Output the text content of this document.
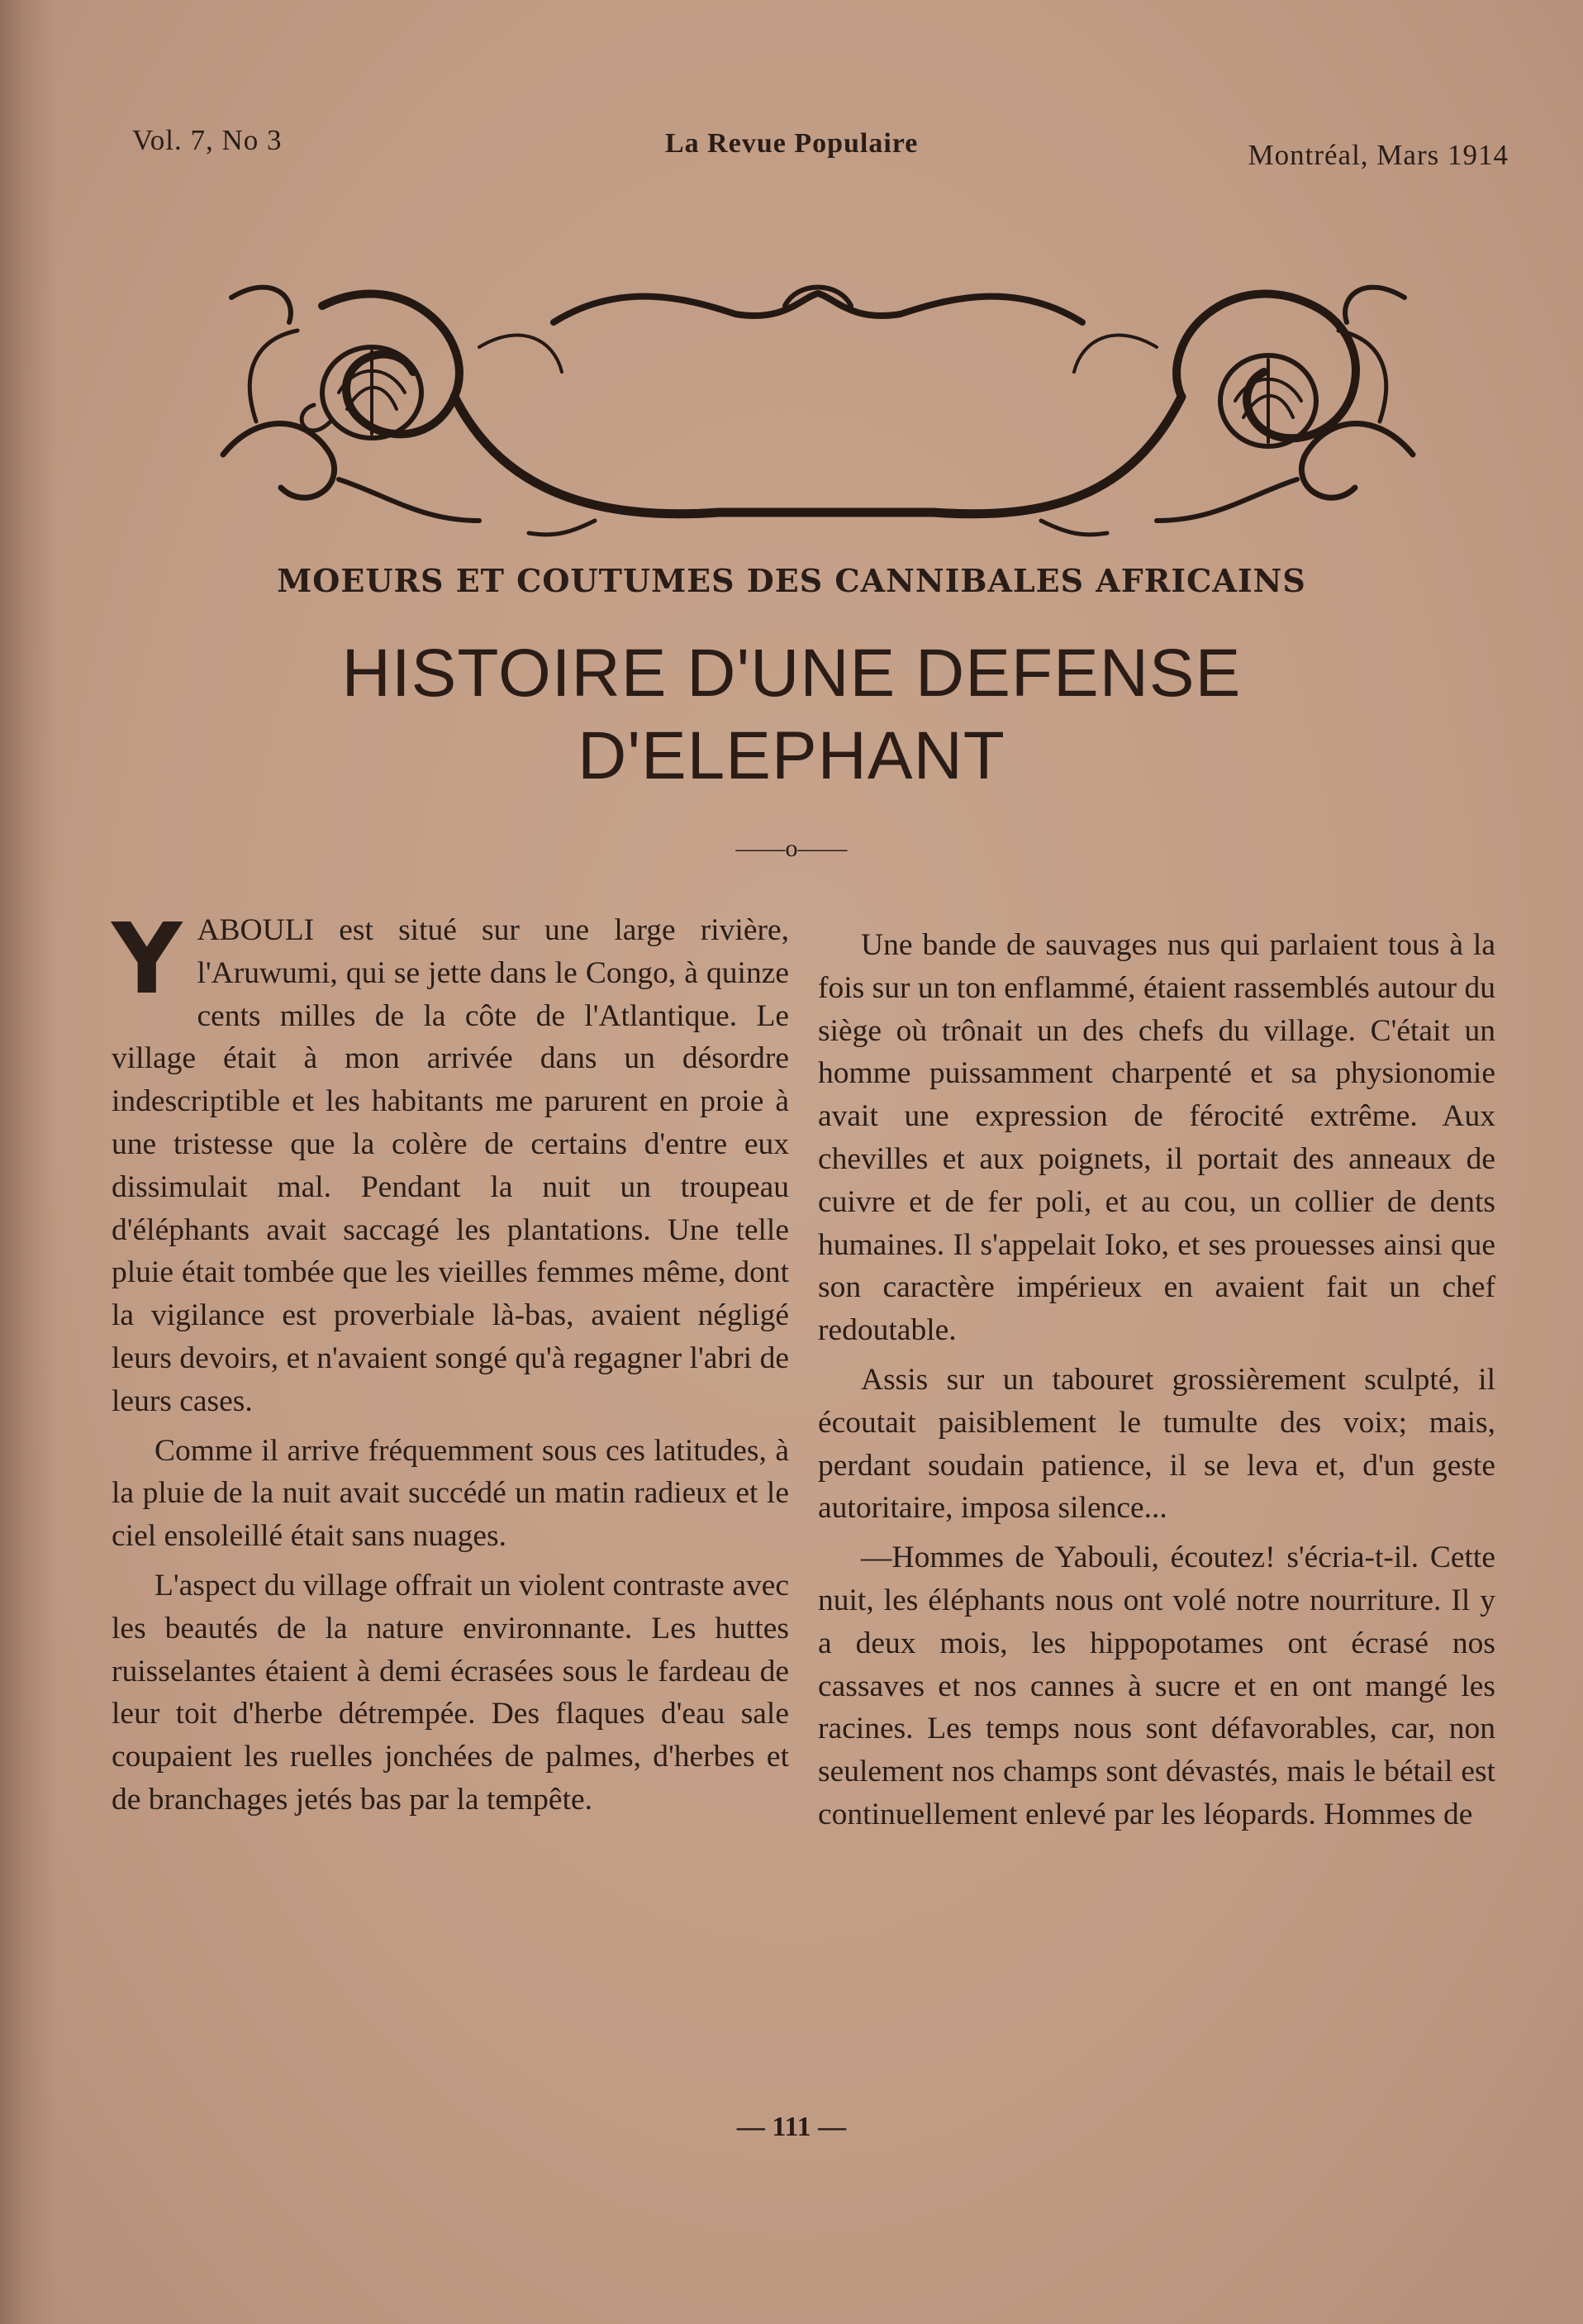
Vol. 7, No 3	La Revue Populaire	Montréal, Mars 1914
MOEURS ET COUTUMES DES CANNIBALES AFRICAINS
HISTOIRE D'UNE DEFENSE
D'ELEPHANT
——o——

YABOULI est situé sur une large rivière, l'Aruwumi, qui se jette dans le Congo, à quinze cents milles de la côte de l'Atlantique. Le village était à mon arrivée dans un désordre indescriptible et les habitants me parurent en proie à une tristesse que la colère de certains d'entre eux dissimulait mal. Pendant la nuit un troupeau d'éléphants avait saccagé les plantations. Une telle pluie était tombée que les vieilles femmes même, dont la vigilance est proverbiale là-bas, avaient négligé leurs devoirs, et n'avaient songé qu'à regagner l'abri de leurs cases.

Comme il arrive fréquemment sous ces latitudes, à la pluie de la nuit avait succédé un matin radieux et le ciel ensoleillé était sans nuages.

L'aspect du village offrait un violent contraste avec les beautés de la nature environnante. Les huttes ruisselantes étaient à demi écrasées sous le fardeau de leur toit d'herbe détrempée. Des flaques d'eau sale coupaient les ruelles jonchées de palmes, d'herbes et de branchages jetés bas par la tempête.

Une bande de sauvages nus qui parlaient tous à la fois sur un ton enflammé, étaient rassemblés autour du siège où trônait un des chefs du village. C'était un homme puissamment charpenté et sa physionomie avait une expression de férocité extrême. Aux chevilles et aux poignets, il portait des anneaux de cuivre et de fer poli, et au cou, un collier de dents humaines. Il s'appelait Ioko, et ses prouesses ainsi que son caractère impérieux en avaient fait un chef redoutable.

Assis sur un tabouret grossièrement sculpté, il écoutait paisiblement le tumulte des voix; mais, perdant soudain patience, il se leva et, d'un geste autoritaire, imposa silence...

—Hommes de Yabouli, écoutez! s'écria-t-il. Cette nuit, les éléphants nous ont volé notre nourriture. Il y a deux mois, les hippopotames ont écrasé nos cassaves et nos cannes à sucre et en ont mangé les racines. Les temps nous sont défavorables, car, non seulement nos champs sont dévastés, mais le bétail est continuellement enlevé par les léopards. Hommes de

— 111 —
